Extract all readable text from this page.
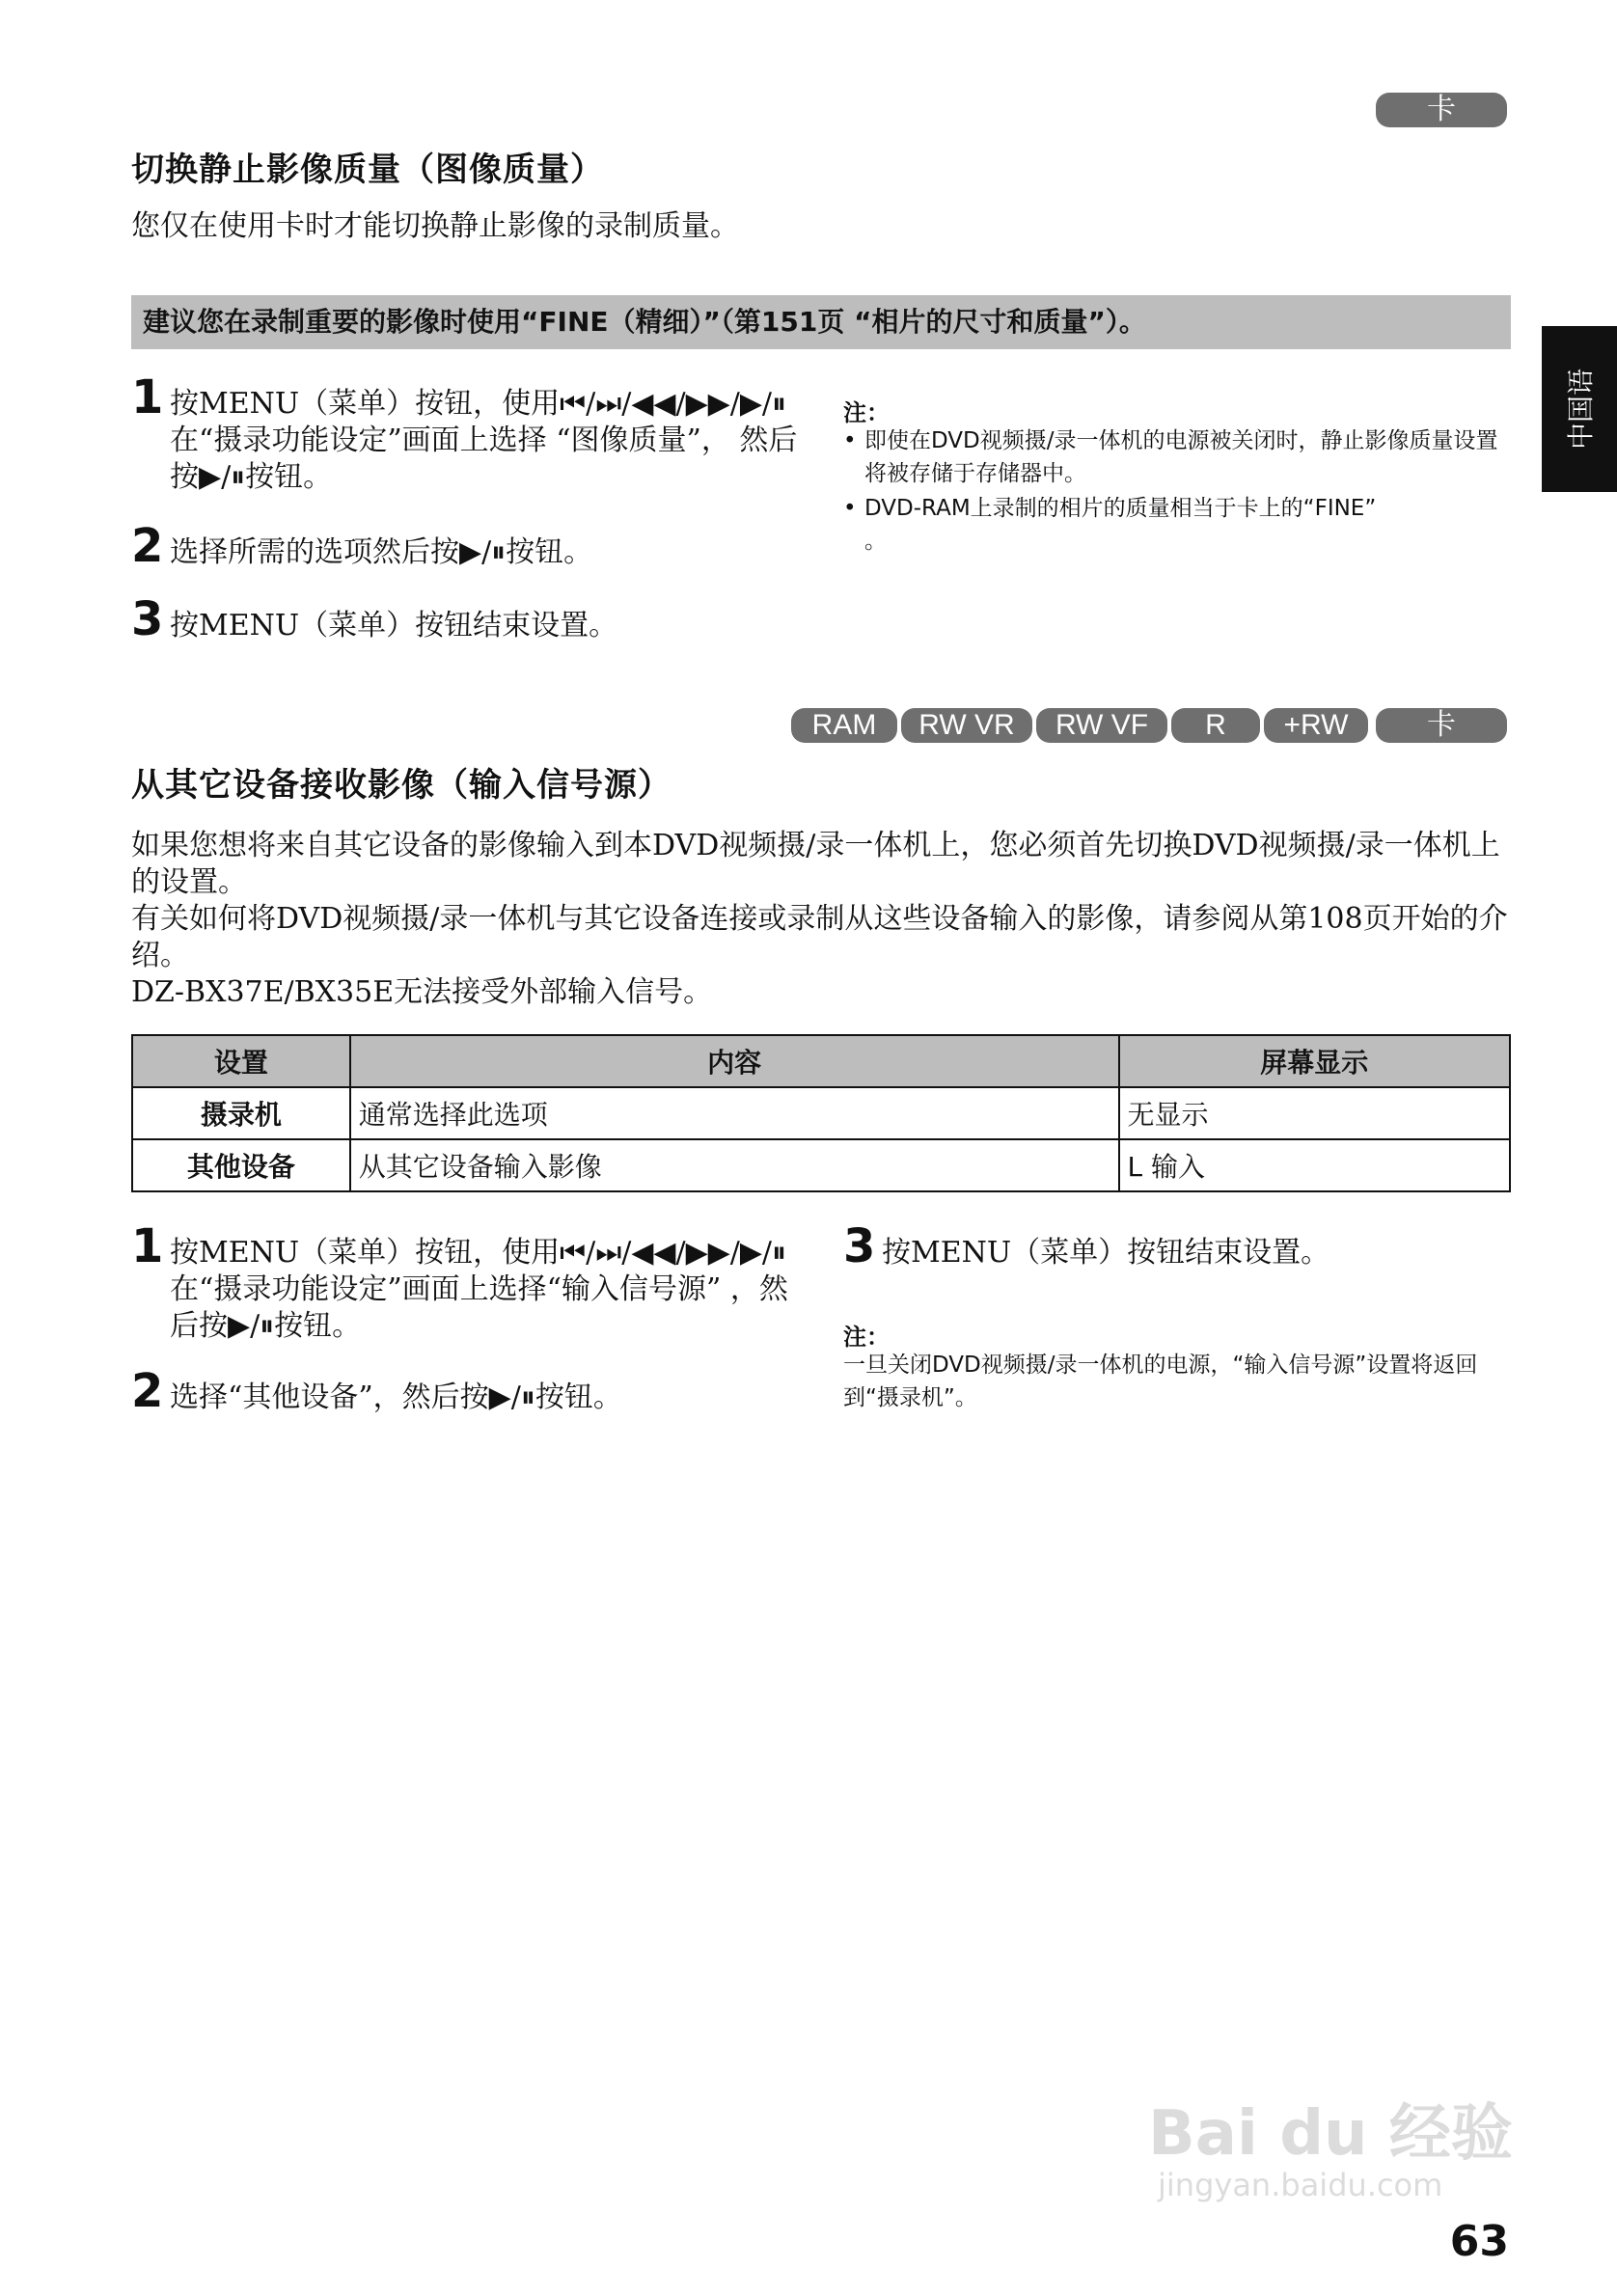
卡
切换静止影像质量（图像质量）
您仅在使用卡时才能切换静止影像的录制质量。
建议您在录制重要的影像时使用“FINE（精细）”（第151页 “相片的尺寸和质量”）。
1 按MENU（菜单）按钮，使用⏮/⏭/◀◀/▶▶/▶/⏸在“摄录功能设定”画面上选择 “图像质量”， 然后按▶/⏸按钮。
2 选择所需的选项然后按▶/⏸按钮。
3 按MENU（菜单）按钮结束设置。
注：
• 即使在DVD视频摄/录一体机的电源被关闭时，静止影像质量设置将被存储于存储器中。
• DVD-RAM上录制的相片的质量相当于卡上的“FINE” 。
中国语
RAM	RW VR	RW VF	R	+RW	卡
从其它设备接收影像（输入信号源）
如果您想将来自其它设备的影像输入到本DVD视频摄/录一体机上，您必须首先切换DVD视频摄/录一体机上的设置。
有关如何将DVD视频摄/录一体机与其它设备连接或录制从这些设备输入的影像，请参阅从第108页开始的介绍。
DZ-BX37E/BX35E无法接受外部输入信号。
设置	内容	屏幕显示
摄录机	通常选择此选项	无显示
其他设备	从其它设备输入影像	L 输入
1 按MENU（菜单）按钮，使用⏮/⏭/◀◀/▶▶/▶/⏸在“摄录功能设定”画面上选择“输入信号源” ，然后按▶/⏸按钮。
2 选择“其他设备”，然后按▶/⏸按钮。
3 按MENU（菜单）按钮结束设置。
注：
一旦关闭DVD视频摄/录一体机的电源，“输入信号源”设置将返回到“摄录机”。
Bai du 经验
jingyan.baidu.com
63
